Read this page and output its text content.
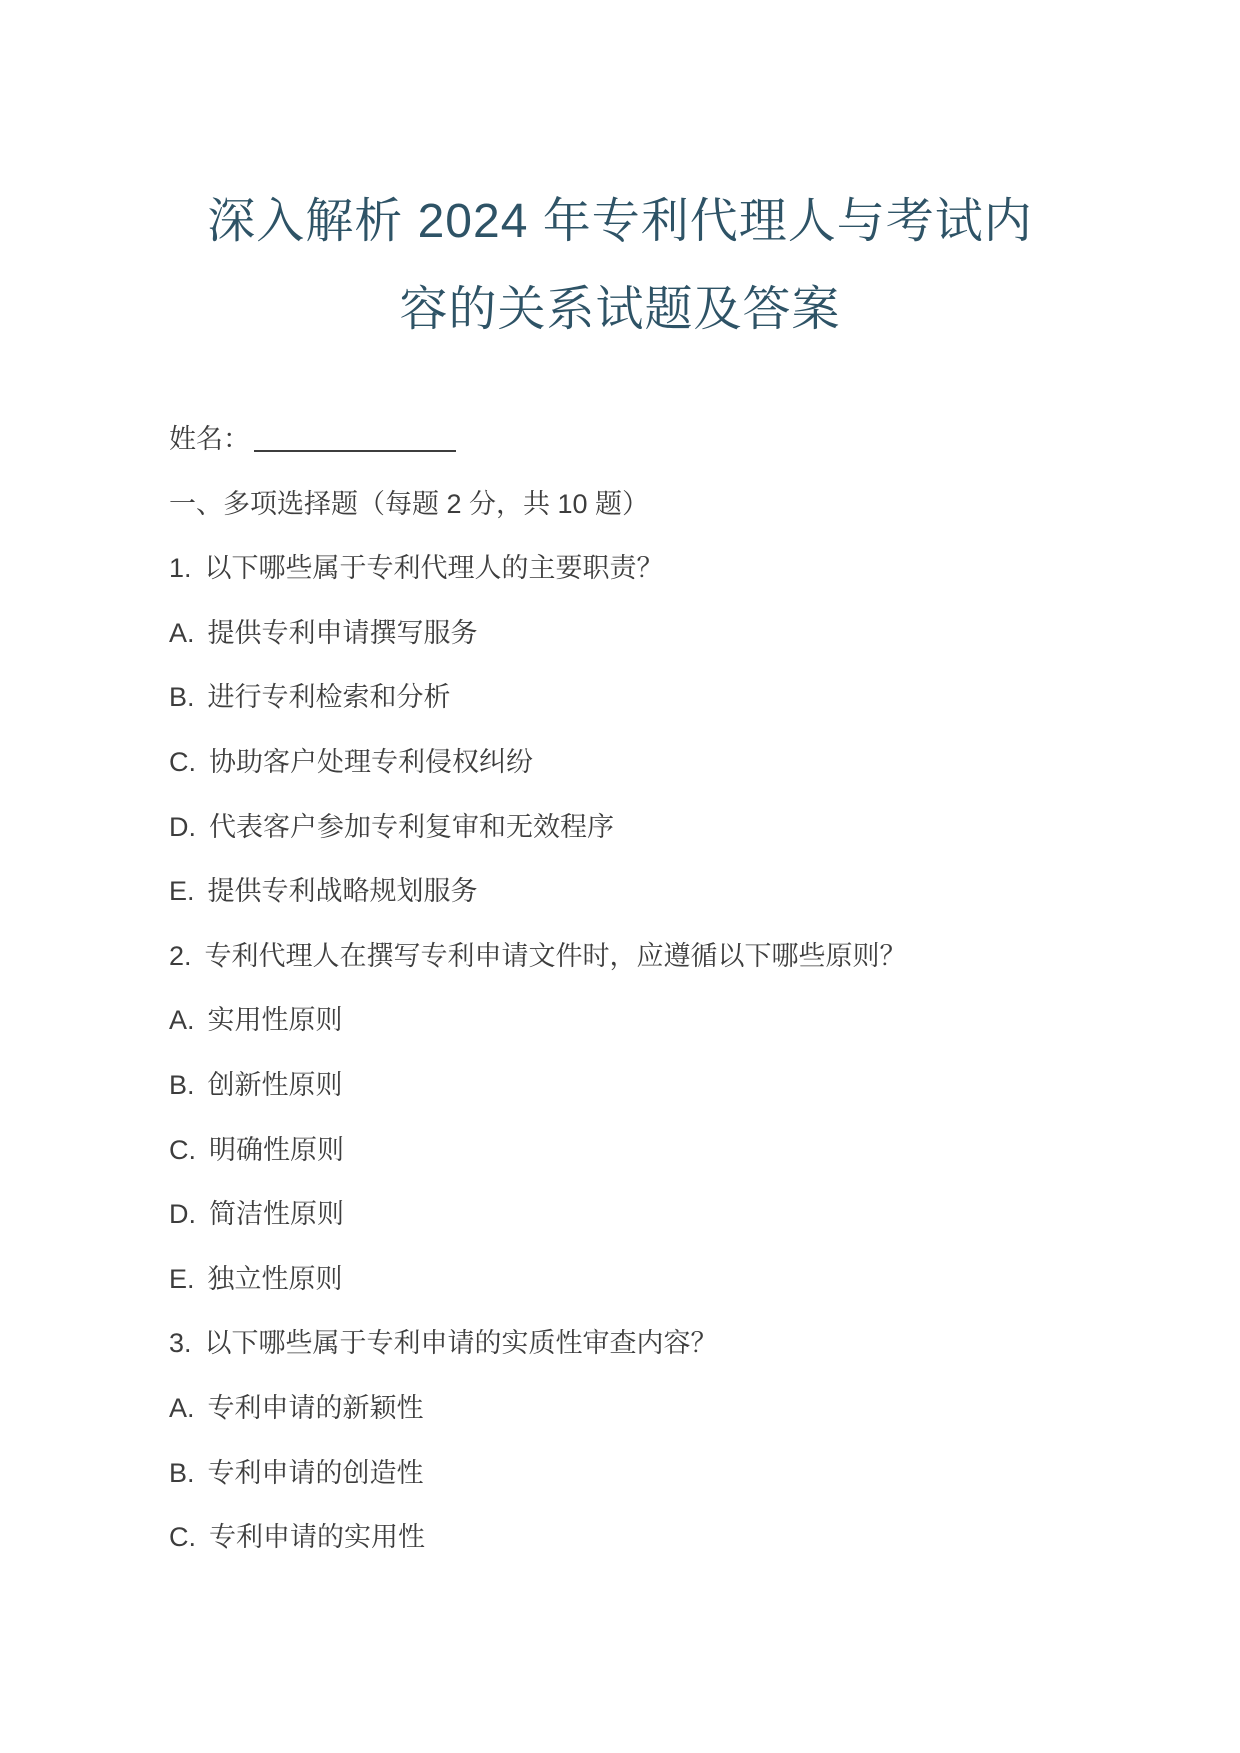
深入解析 2024 年专利代理人与考试内
容的关系试题及答案

姓名：

一、多项选择题（每题 2 分，共 10 题）

1. 以下哪些属于专利代理人的主要职责？

A. 提供专利申请撰写服务

B. 进行专利检索和分析

C. 协助客户处理专利侵权纠纷

D. 代表客户参加专利复审和无效程序

E. 提供专利战略规划服务

2. 专利代理人在撰写专利申请文件时，应遵循以下哪些原则？

A. 实用性原则

B. 创新性原则

C. 明确性原则

D. 简洁性原则

E. 独立性原则

3. 以下哪些属于专利申请的实质性审查内容？

A. 专利申请的新颖性

B. 专利申请的创造性

C. 专利申请的实用性
